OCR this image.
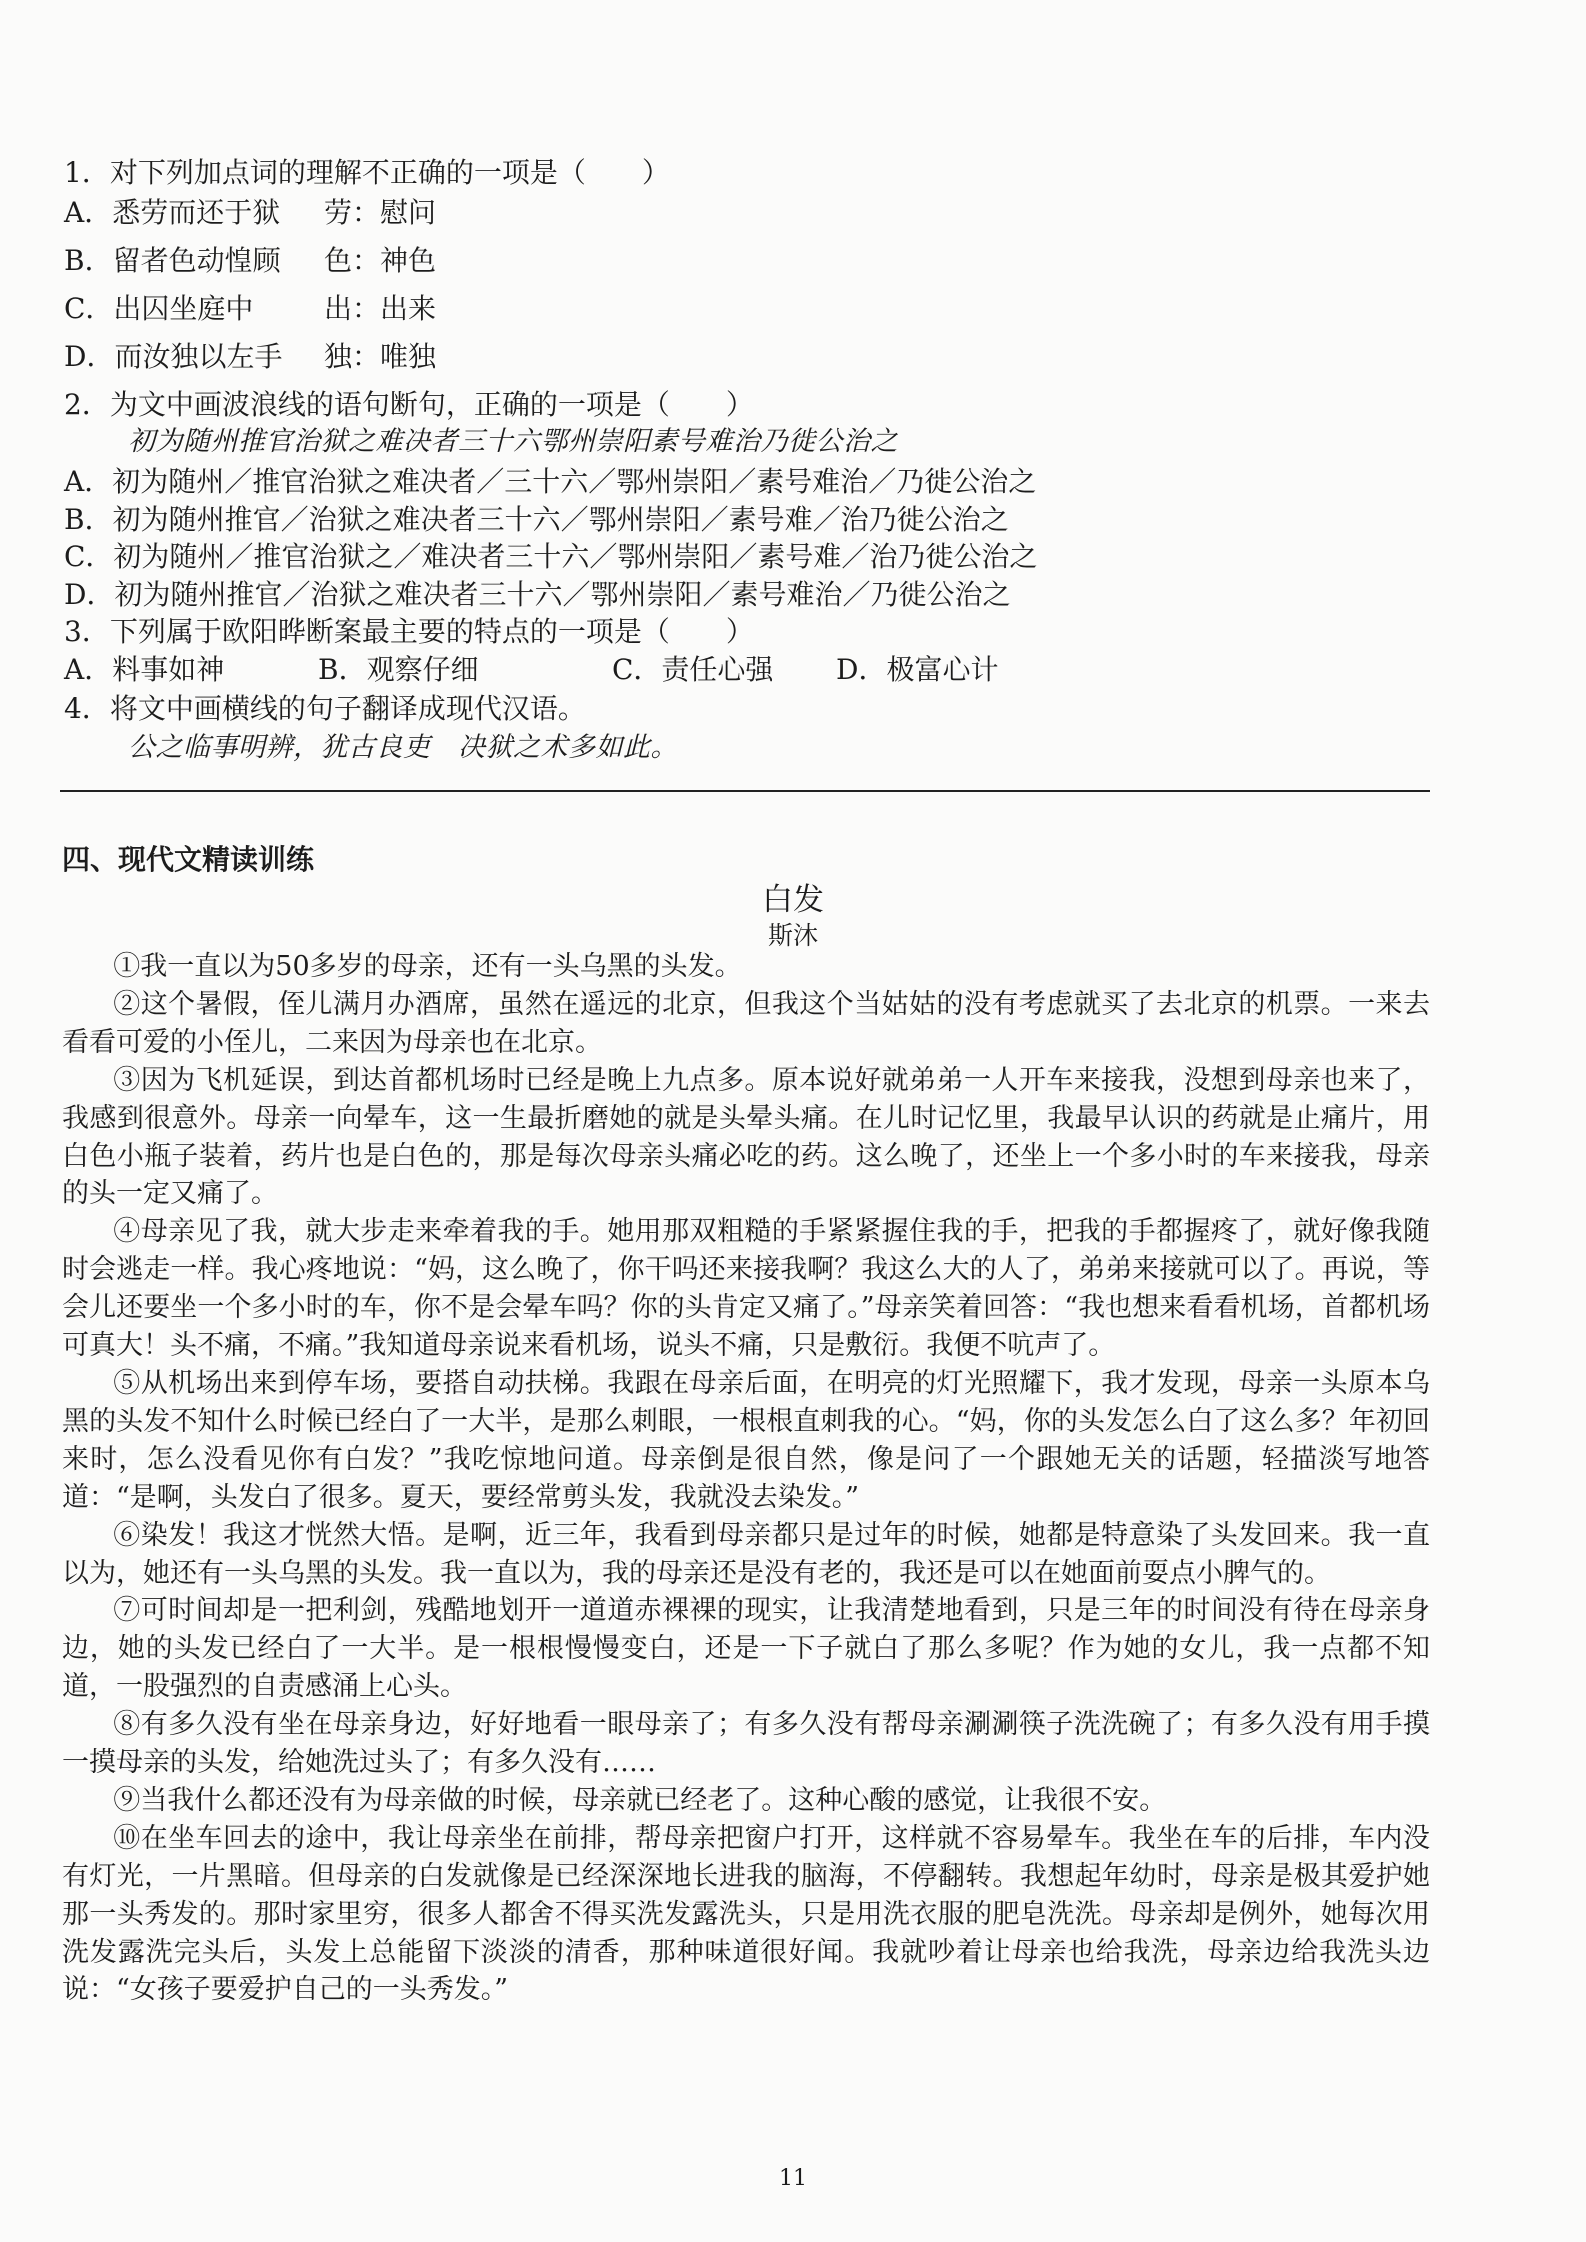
1．对下列加点词的理解不正确的一项是（　　）
A．悉劳而还于狱 劳：慰问
B．留者色动惶顾 色：神色
C．出囚坐庭中	出：出来
D．而汝独以左手 独：唯独
2．为文中画波浪线的语句断句，正确的一项是（　　）
初为随州推官治狱之难决者三十六鄂州崇阳素号难治乃徙公治之
A．初为随州／推官治狱之难决者／三十六／鄂州崇阳／素号难治／乃徙公治之
B．初为随州推官／治狱之难决者三十六／鄂州崇阳／素号难／治乃徙公治之
C．初为随州／推官治狱之／难决者三十六／鄂州崇阳／素号难／治乃徙公治之
D．初为随州推官／治狱之难决者三十六／鄂州崇阳／素号难治／乃徙公治之
3．下列属于欧阳晔断案最主要的特点的一项是（　　）
A．料事如神	B．观察仔细	C．责任心强 D．极富心计
4．将文中画横线的句子翻译成现代汉语。
公之临事明辨，犹古良吏　决狱之术多如此。
四、现代文精读训练
白发
斯沐

①我一直以为50多岁的母亲，还有一头乌黑的头发。

②这个暑假，侄儿满月办酒席，虽然在遥远的北京，但我这个当姑姑的没有考虑就买了去北京的机票。一来去看看可爱的小侄儿，二来因为母亲也在北京。

③因为飞机延误，到达首都机场时已经是晚上九点多。原本说好就弟弟一人开车来接我，没想到母亲也来了，我感到很意外。母亲一向晕车，这一生最折磨她的就是头晕头痛。在儿时记忆里，我最早认识的药就是止痛片，用白色小瓶子装着，药片也是白色的，那是每次母亲头痛必吃的药。这么晚了，还坐上一个多小时的车来接我，母亲的头一定又痛了。

④母亲见了我，就大步走来牵着我的手。她用那双粗糙的手紧紧握住我的手，把我的手都握疼了，就好像我随时会逃走一样。我心疼地说：“妈，这么晚了，你干吗还来接我啊？我这么大的人了，弟弟来接就可以了。再说，等会儿还要坐一个多小时的车，你不是会晕车吗？你的头肯定又痛了。”母亲笑着回答：“我也想来看看机场，首都机场可真大！头不痛，不痛。”我知道母亲说来看机场，说头不痛，只是敷衍。我便不吭声了。

⑤从机场出来到停车场，要搭自动扶梯。我跟在母亲后面，在明亮的灯光照耀下，我才发现，母亲一头原本乌黑的头发不知什么时候已经白了一大半，是那么刺眼，一根根直刺我的心。“妈，你的头发怎么白了这么多？年初回来时，怎么没看见你有白发？”我吃惊地问道。母亲倒是很自然，像是问了一个跟她无关的话题，轻描淡写地答道：“是啊，头发白了很多。夏天，要经常剪头发，我就没去染发。”

⑥染发！我这才恍然大悟。是啊，近三年，我看到母亲都只是过年的时候，她都是特意染了头发回来。我一直以为，她还有一头乌黑的头发。我一直以为，我的母亲还是没有老的，我还是可以在她面前耍点小脾气的。

⑦可时间却是一把利剑，残酷地划开一道道赤裸裸的现实，让我清楚地看到，只是三年的时间没有待在母亲身边，她的头发已经白了一大半。是一根根慢慢变白，还是一下子就白了那么多呢？作为她的女儿，我一点都不知道，一股强烈的自责感涌上心头。

⑧有多久没有坐在母亲身边，好好地看一眼母亲了；有多久没有帮母亲涮涮筷子洗洗碗了；有多久没有用手摸一摸母亲的头发，给她洗过头了；有多久没有……

⑨当我什么都还没有为母亲做的时候，母亲就已经老了。这种心酸的感觉，让我很不安。

⑩在坐车回去的途中，我让母亲坐在前排，帮母亲把窗户打开，这样就不容易晕车。我坐在车的后排，车内没有灯光，一片黑暗。但母亲的白发就像是已经深深地长进我的脑海，不停翻转。我想起年幼时，母亲是极其爱护她那一头秀发的。那时家里穷，很多人都舍不得买洗发露洗头，只是用洗衣服的肥皂洗洗。母亲却是例外，她每次用洗发露洗完头后，头发上总能留下淡淡的清香，那种味道很好闻。我就吵着让母亲也给我洗，母亲边给我洗头边说：“女孩子要爱护自己的一头秀发。”

11
